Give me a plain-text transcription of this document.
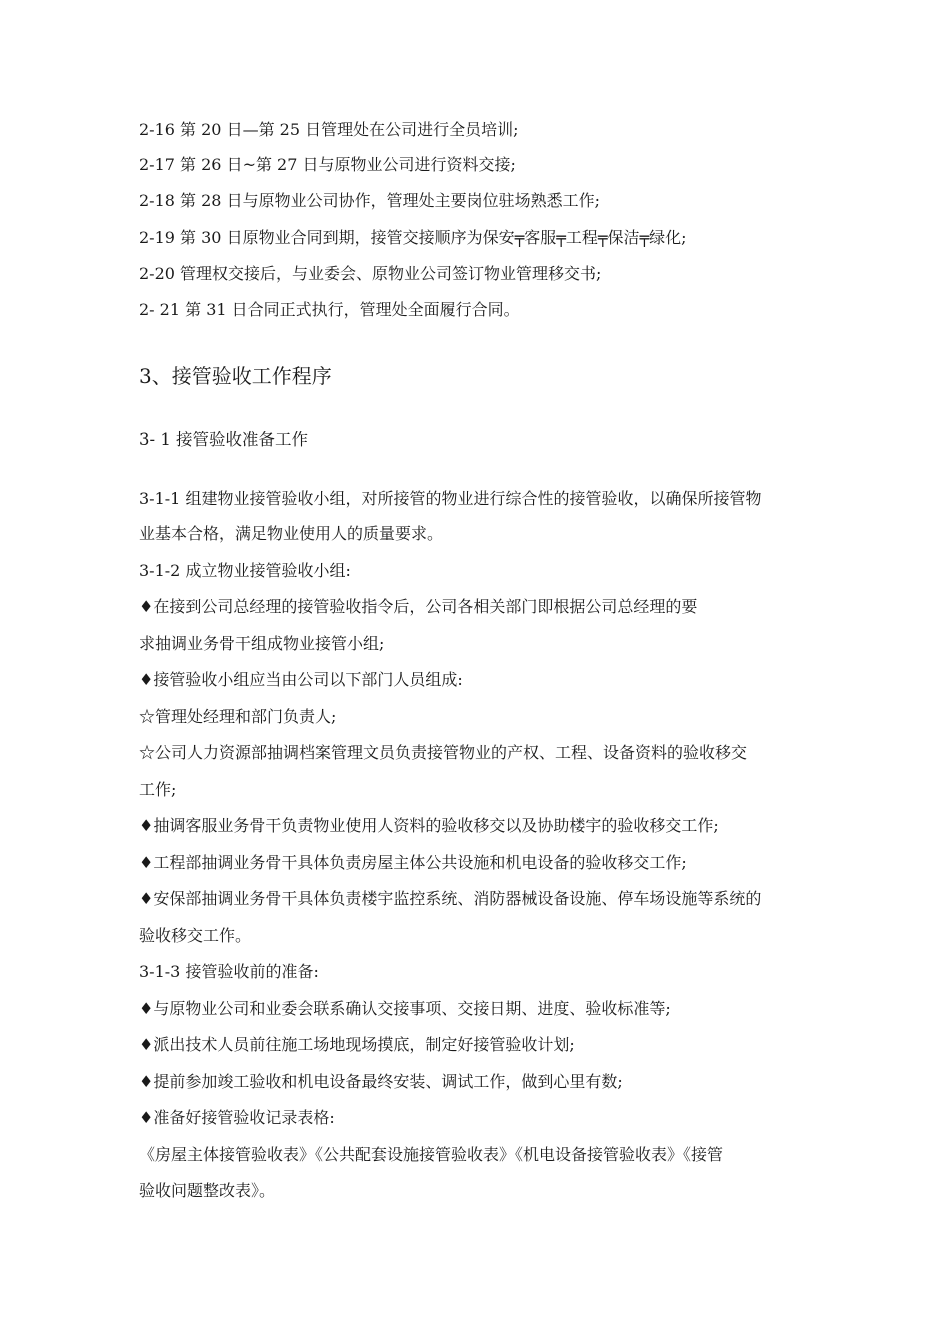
2-16 第 20 日—第 25 日管理处在公司进行全员培训;
2-17 第 26 日~第 27 日与原物业公司进行资料交接;
2-18 第 28 日与原物业公司协作，管理处主要岗位驻场熟悉工作;
2-19 第 30 日原物业合同到期，接管交接顺序为保安╤客服╤工程╤保洁╤绿化;
2-20 管理权交接后，与业委会、原物业公司签订物业管理移交书;
2- 21 第 31 日合同正式执行，管理处全面履行合同。
3、接管验收工作程序
3- 1 接管验收准备工作
3-1-1 组建物业接管验收小组，对所接管的物业进行综合性的接管验收，以确保所接管物
业基本合格，满足物业使用人的质量要求。
3-1-2 成立物业接管验收小组:
♦在接到公司总经理的接管验收指令后，公司各相关部门即根据公司总经理的要
求抽调业务骨干组成物业接管小组;
♦接管验收小组应当由公司以下部门人员组成:
☆管理处经理和部门负责人;
☆公司人力资源部抽调档案管理文员负责接管物业的产权、工程、设备资料的验收移交
工作;
♦抽调客服业务骨干负责物业使用人资料的验收移交以及协助楼宇的验收移交工作;
♦工程部抽调业务骨干具体负责房屋主体公共设施和机电设备的验收移交工作;
♦安保部抽调业务骨干具体负责楼宇监控系统、消防器械设备设施、停车场设施等系统的
验收移交工作。
3-1-3 接管验收前的准备:
♦与原物业公司和业委会联系确认交接事项、交接日期、进度、验收标准等;
♦派出技术人员前往施工场地现场摸底，制定好接管验收计划;
♦提前参加竣工验收和机电设备最终安装、调试工作，做到心里有数;
♦准备好接管验收记录表格:
《房屋主体接管验收表》《公共配套设施接管验收表》《机电设备接管验收表》《接管
验收问题整改表》。
